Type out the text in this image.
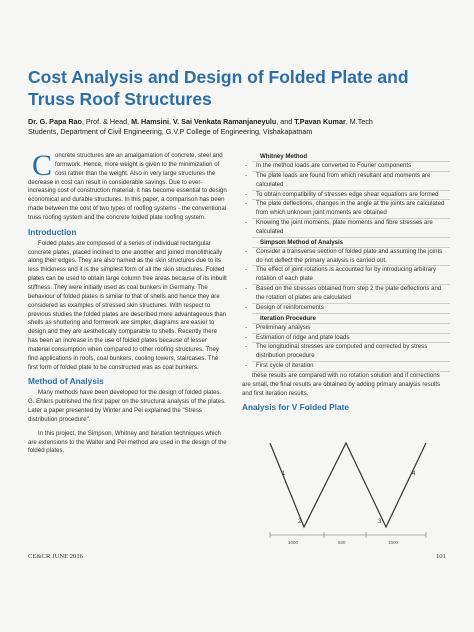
Cost Analysis and Design of Folded Plate and Truss Roof Structures
Dr. G. Papa Rao, Prof. & Head, M. Hamsini, V. Sai Venkata Ramanjaneyulu, and T.Pavan Kumar, M.Tech
Students, Department of Civil Engineering, G.V.P College of Engineering, Vishakapatnam

Concrete structures are an amalgamation of concrete, steel and formwork. Hence, more weight is given to the minimization of cost rather than the weight. Also in very large structures the decrease in cost can result in considerable savings. Due to ever-increasing cost of construction material, it has become essential to design economical and durable structures. In this paper, a comparison has been made between the cost of two types of roofing systems - the conventional truss roofing system and the concrete folded plate roofing system.

Introduction

Folded plates are composed of a series of individual rectangular concrete plates, placed inclined to one another and joined monolithically along their edges. They are also named as the skin structures due to its less thickness and it is the simplest form of all the skin structures. Folded plates can be used to obtain large column free areas because of its inbuilt stiffness. They were initially used as coal bunkers in Germany. The behaviour of folded plates is similar to that of shells and hence they are considered as examples of stressed skin structures. With respect to previous studies the folded plates are described more advantageous than shells as shuttering and formwork are simpler, diagrams are easier to design and they are aesthetically comparable to shells. Recently there has been an increase in the use of folded plates because of lesser material consumption when compared to other roofing structures. They find applications in roofs, coal bunkers, cooling towers, staircases. The first form of folded plate to be constructed was as coal bunkers.

Method of Analysis

Many methods have been developed for the design of folded plates. G. Ehlers published the first paper on the structural analysis of the plates. Later a paper presented by Winter and Pei explained the "Stress distribution procedure".

In this project, the Simpson, Whitney and Iteration techniques which are extensions to the Walter and Pei method are used in the design of the folded plates.

Whitney Method
- In the method loads are converted to Fourier components
- The plate loads are found from which resultant and moments are calculated
- To obtain compatibility of stresses edge shear equations are formed
- The plate deflections, changes in the angle at the joints are calculated from which unknown joint moments are obtained
- Knowing the joint moments, plate moments and fibre stresses are calculated
Simpson Method of Analysis
- Consider a transverse section of folded plate and assuming the joints do not deflect the primary analysis is carried out.
- The effect of joint rotations is accounted for by introducing arbitrary rotation of each plate
- Based on the stresses obtained from step 2 the plate deflections and the rotation of plates are calculated
- Design of reinforcements
Iteration Procedure
- Preliminary analysis
- Estimation of ridge and plate loads
- The longitudinal stresses are computed and corrected by stress distribution procedure
- First cycle of iteration

these results are compared with no rotation solution and if corrections are small, the final results are obtained by adding primary analysis results and first iteration results.

Analysis for V Folded Plate
1
2	3
4
1000	500	1000
CE&CR JUNE 2016	101
